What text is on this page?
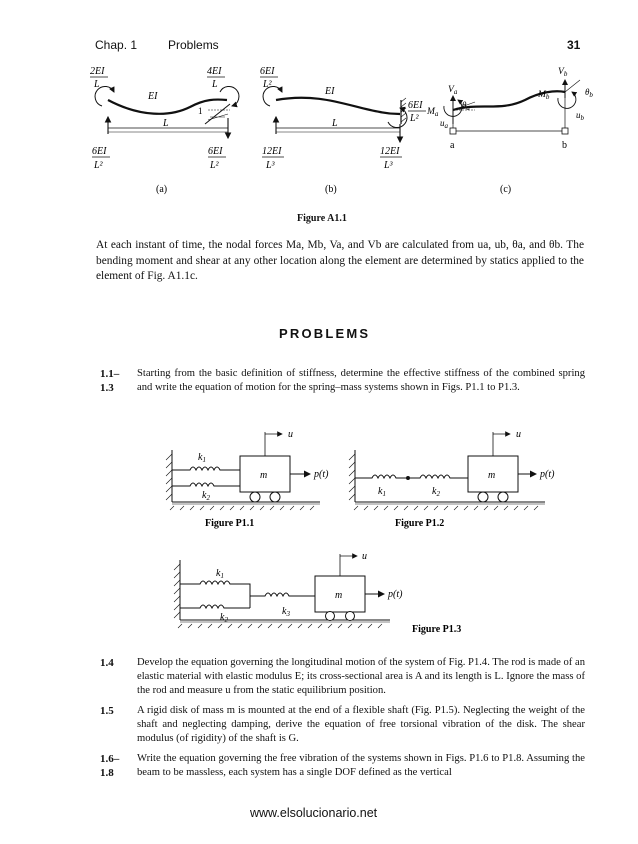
Chap. 1	Problems	31
2EI
L
4EI
L
1
EI
L
6EI
L²
6EI
L²
(a)
6EI
L²
EI
L
6EI
L²
12EI
L³
12EI
L³
(b)
$V_a$
$V_b$
$M_a$
$M_b$
$\theta_a$
$\theta_b$
$u_a$
$u_b$
a	b
(c)
Figure A1.1
At each instant of time, the nodal forces Ma, Mb, Va, and Vb are calculated from ua, ub, θa, and θb. The bending moment and shear at any other location along the element are determined by statics applied to the element of Fig. A1.1c.
PROBLEMS
1.1–
1.3
Starting from the basic definition of stiffness, determine the effective stiffness of the combined spring and write the equation of motion for the spring–mass systems shown in Figs. P1.1 to P1.3.
$k_1$
$k_2$
m
u
p(t)
Figure P1.1
$k_1$	$k_2$
m
u
p(t)
Figure P1.2
$k_1$
$k_2$
$k_3$
m
u
p(t)
Figure P1.3
1.4 Develop the equation governing the longitudinal motion of the system of Fig. P1.4. The rod is made of an elastic material with elastic modulus E; its cross-sectional area is A and its length is L. Ignore the mass of the rod and measure u from the static equilibrium position.
1.5 A rigid disk of mass m is mounted at the end of a flexible shaft (Fig. P1.5). Neglecting the weight of the shaft and neglecting damping, derive the equation of free torsional vibration of the disk. The shear modulus (of rigidity) of the shaft is G.
1.6–
1.8
Write the equation governing the free vibration of the systems shown in Figs. P1.6 to P1.8. Assuming the beam to be massless, each system has a single DOF defined as the vertical
www.elsolucionario.net
